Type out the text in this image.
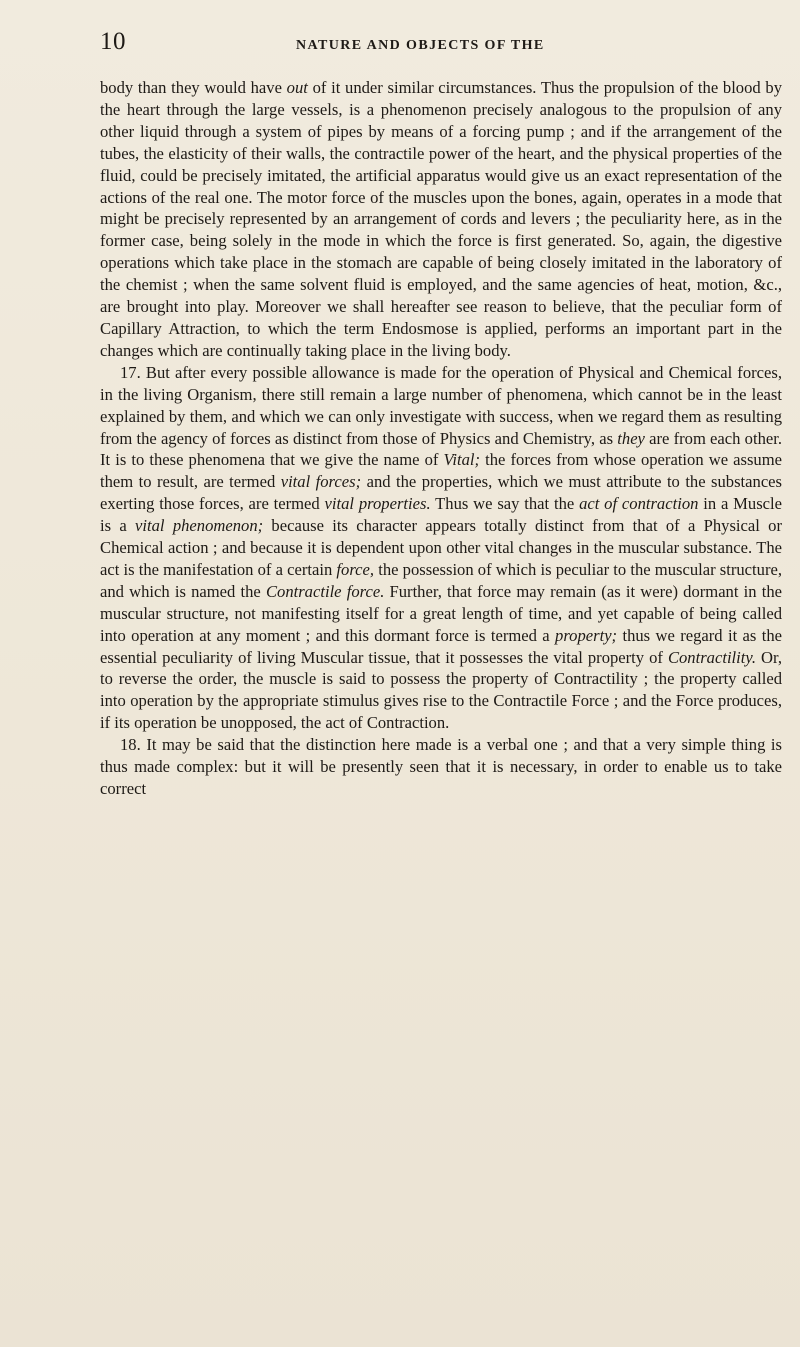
10	NATURE AND OBJECTS OF THE

body than they would have out of it under similar circumstances. Thus the propulsion of the blood by the heart through the large vessels, is a phenomenon precisely analogous to the propulsion of any other liquid through a system of pipes by means of a forcing pump ; and if the arrangement of the tubes, the elasticity of their walls, the contractile power of the heart, and the physical properties of the fluid, could be precisely imitated, the artificial apparatus would give us an exact representation of the actions of the real one. The motor force of the muscles upon the bones, again, operates in a mode that might be precisely represented by an arrangement of cords and levers ; the peculiarity here, as in the former case, being solely in the mode in which the force is first generated. So, again, the digestive operations which take place in the stomach are capable of being closely imitated in the laboratory of the chemist ; when the same solvent fluid is employed, and the same agencies of heat, motion, &c., are brought into play. Moreover we shall hereafter see reason to believe, that the peculiar form of Capillary Attraction, to which the term Endosmose is applied, performs an important part in the changes which are continually taking place in the living body.

17. But after every possible allowance is made for the operation of Physical and Chemical forces, in the living Organism, there still remain a large number of phenomena, which cannot be in the least explained by them, and which we can only investigate with success, when we regard them as resulting from the agency of forces as distinct from those of Physics and Chemistry, as they are from each other. It is to these phenomena that we give the name of Vital; the forces from whose operation we assume them to result, are termed vital forces; and the properties, which we must attribute to the substances exerting those forces, are termed vital properties. Thus we say that the act of contraction in a Muscle is a vital phenomenon; because its character appears totally distinct from that of a Physical or Chemical action ; and because it is dependent upon other vital changes in the muscular substance. The act is the manifestation of a certain force, the possession of which is peculiar to the muscular structure, and which is named the Contractile force. Further, that force may remain (as it were) dormant in the muscular structure, not manifesting itself for a great length of time, and yet capable of being called into operation at any moment ; and this dormant force is termed a property; thus we regard it as the essential peculiarity of living Muscular tissue, that it possesses the vital property of Contractility. Or, to reverse the order, the muscle is said to possess the property of Contractility ; the property called into operation by the appropriate stimulus gives rise to the Contractile Force ; and the Force produces, if its operation be unopposed, the act of Contraction.

18. It may be said that the distinction here made is a verbal one ; and that a very simple thing is thus made complex: but it will be presently seen that it is necessary, in order to enable us to take correct
